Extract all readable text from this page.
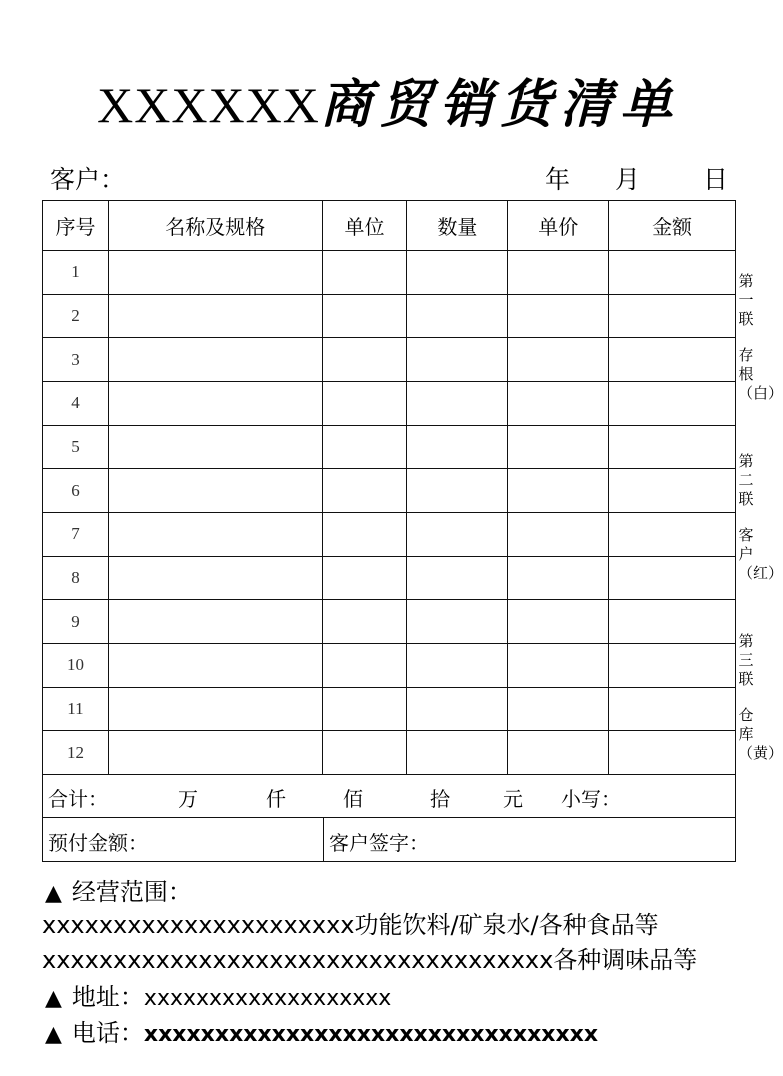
XXXXXX商贸销货清单
客户：	年 月	日
序号	名称及规格	单位	数量	单价	金额
1					
2					
3					
4					
5					
6					
7					
8					
9					
10					
11					
12					
合计：	万	仟	佰	拾	元 小写：
预付金额：	客户签字：
第一联
存根（白）
第二联
客户（红）
第三联
仓库（黄）
▲ 经营范围：
xxxxxxxxxxxxxxxxxxxxxx功能饮料/矿泉水/各种食品等
xxxxxxxxxxxxxxxxxxxxxxxxxxxxxxxxxxxx各种调味品等
▲ 地址：xxxxxxxxxxxxxxxxxxx
▲ 电话：xxxxxxxxxxxxxxxxxxxxxxxxxxxxxxxx
